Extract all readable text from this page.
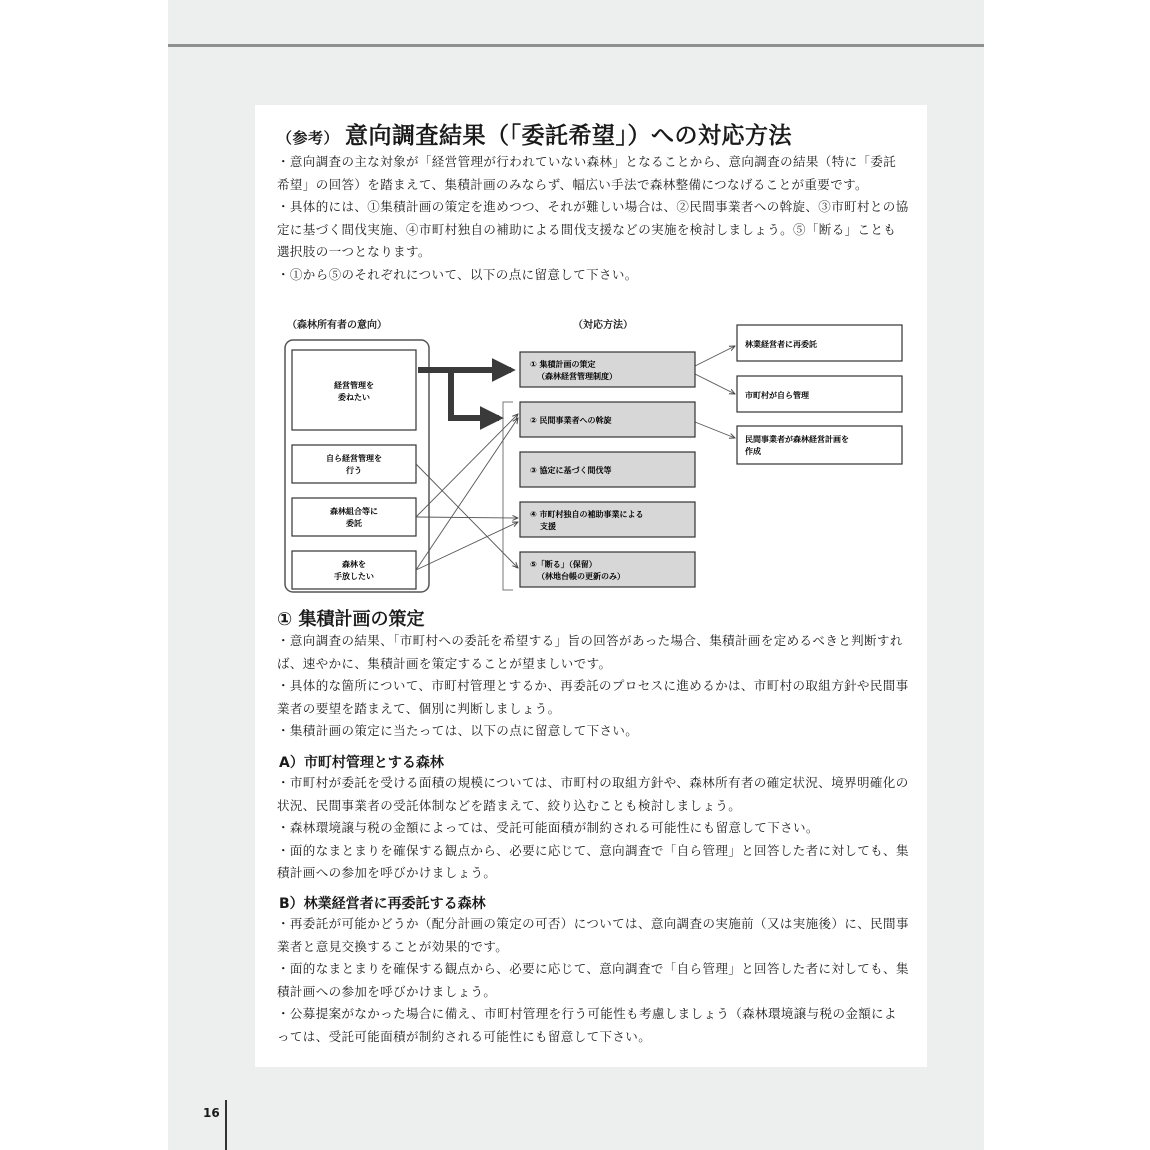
（参考） 意向調査結果（「委託希望」）への対応方法

・意向調査の主な対象が「経営管理が行われていない森林」となることから、意向調査の結果（特に「委託希望」の回答）を踏まえて、集積計画のみならず、幅広い手法で森林整備につなげることが重要です。

・具体的には、①集積計画の策定を進めつつ、それが難しい場合は、②民間事業者への斡旋、③市町村との協定に基づく間伐実施、④市町村独自の補助による間伐支援などの実施を検討しましょう。⑤「断る」ことも選択肢の一つとなります。

・①から⑤のそれぞれについて、以下の点に留意して下さい。

（森林所有者の意向）	（対応方法）
経営管理を
委ねたい
自ら経営管理を
行う
森林組合等に
委託
森林を
手放したい
① 集積計画の策定
（森林経営管理制度）
② 民間事業者への斡旋
③ 協定に基づく間伐等
④ 市町村独自の補助事業による
支援
⑤「断る」（保留）
（林地台帳の更新のみ）
林業経営者に再委託
市町村が自ら管理
民間事業者が森林経営計画を
作成
① 集積計画の策定

・意向調査の結果、「市町村への委託を希望する」旨の回答があった場合、集積計画を定めるべきと判断すれば、速やかに、集積計画を策定することが望ましいです。

・具体的な箇所について、市町村管理とするか、再委託のプロセスに進めるかは、市町村の取組方針や民間事業者の要望を踏まえて、個別に判断しましょう。

・集積計画の策定に当たっては、以下の点に留意して下さい。

A）市町村管理とする森林

・市町村が委託を受ける面積の規模については、市町村の取組方針や、森林所有者の確定状況、境界明確化の状況、民間事業者の受託体制などを踏まえて、絞り込むことも検討しましょう。

・森林環境譲与税の金額によっては、受託可能面積が制約される可能性にも留意して下さい。

・面的なまとまりを確保する観点から、必要に応じて、意向調査で「自ら管理」と回答した者に対しても、集積計画への参加を呼びかけましょう。

B）林業経営者に再委託する森林

・再委託が可能かどうか（配分計画の策定の可否）については、意向調査の実施前（又は実施後）に、民間事業者と意見交換することが効果的です。

・面的なまとまりを確保する観点から、必要に応じて、意向調査で「自ら管理」と回答した者に対しても、集積計画への参加を呼びかけましょう。

・公募提案がなかった場合に備え、市町村管理を行う可能性も考慮しましょう（森林環境譲与税の金額によっては、受託可能面積が制約される可能性にも留意して下さい。

16
